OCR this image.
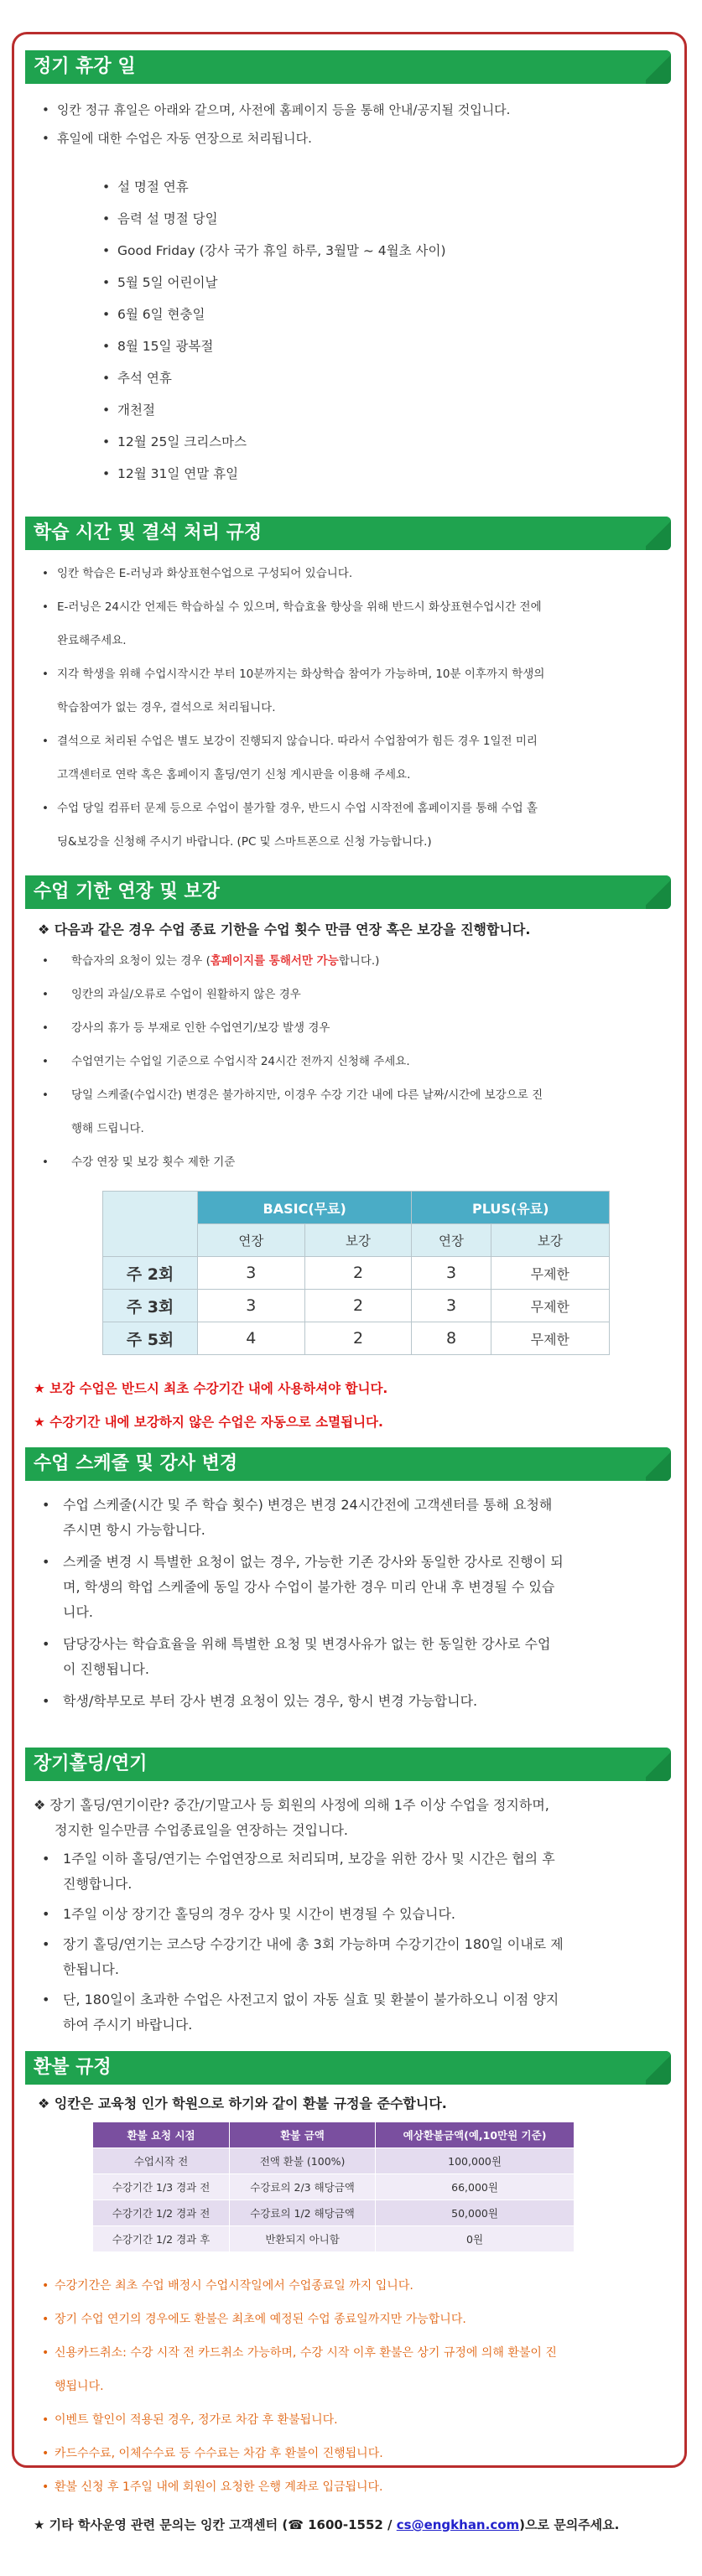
정기 휴강 일
• 잉칸 정규 휴일은 아래와 같으며, 사전에 홈페이지 등을 통해 안내/공지될 것입니다.
• 휴일에 대한 수업은 자동 연장으로 처리됩니다.
• 설 명절 연휴
• 음력 설 명절 당일
• Good Friday (강사 국가 휴일 하루, 3월말 ~ 4월초 사이)
• 5월 5일 어린이날
• 6월 6일 현충일
• 8월 15일 광복절
• 추석 연휴
• 개천절
• 12월 25일 크리스마스
• 12월 31일 연말 휴일
학습 시간 및 결석 처리 규정
• 잉칸 학습은 E-러닝과 화상표현수업으로 구성되어 있습니다.
• E-러닝은 24시간 언제든 학습하실 수 있으며, 학습효율 향상을 위해 반드시 화상표현수업시간 전에
완료해주세요.
• 지각 학생을 위해 수업시작시간 부터 10분까지는 화상학습 참여가 가능하며, 10분 이후까지 학생의
학습참여가 없는 경우, 결석으로 처리됩니다.
• 결석으로 처리된 수업은 별도 보강이 진행되지 않습니다. 따라서 수업참여가 힘든 경우 1일전 미리
고객센터로 연락 혹은 홈페이지 홀딩/연기 신청 게시판을 이용해 주세요.
• 수업 당일 컴퓨터 문제 등으로 수업이 불가할 경우, 반드시 수업 시작전에 홈페이지를 통해 수업 홀
딩&보강을 신청해 주시기 바랍니다. (PC 및 스마트폰으로 신청 가능합니다.)
수업 기한 연장 및 보강
❖ 다음과 같은 경우 수업 종료 기한을 수업 횟수 만큼 연장 혹은 보강을 진행합니다.
• 학습자의 요청이 있는 경우 (홈페이지를 통해서만 가능합니다.)
• 잉칸의 과실/오류로 수업이 원활하지 않은 경우
• 강사의 휴가 등 부재로 인한 수업연기/보강 발생 경우
• 수업연기는 수업일 기준으로 수업시작 24시간 전까지 신청해 주세요.
• 당일 스케줄(수업시간) 변경은 불가하지만, 이경우 수강 기간 내에 다른 날짜/시간에 보강으로 진
행해 드립니다.
• 수강 연장 및 보강 횟수 제한 기준
	BASIC(무료)		PLUS(유료)	
	연장	보강	연장	보강
주 2회	3	2	3	무제한
주 3회	3	2	3	무제한
주 5회	4	2	8	무제한
★ 보강 수업은 반드시 최초 수강기간 내에 사용하셔야 합니다.
★ 수강기간 내에 보강하지 않은 수업은 자동으로 소멸됩니다.
수업 스케줄 및 강사 변경
• 수업 스케줄(시간 및 주 학습 횟수) 변경은 변경 24시간전에 고객센터를 통해 요청해
주시면 항시 가능합니다.
• 스케줄 변경 시 특별한 요청이 없는 경우, 가능한 기존 강사와 동일한 강사로 진행이 되
며, 학생의 학업 스케줄에 동일 강사 수업이 불가한 경우 미리 안내 후 변경될 수 있습
니다.
• 담당강사는 학습효율을 위해 특별한 요청 및 변경사유가 없는 한 동일한 강사로 수업
이 진행됩니다.
• 학생/학부모로 부터 강사 변경 요청이 있는 경우, 항시 변경 가능합니다.
장기홀딩/연기
❖ 장기 홀딩/연기이란? 중간/기말고사 등 회원의 사정에 의해 1주 이상 수업을 정지하며,
정지한 일수만큼 수업종료일을 연장하는 것입니다.
• 1주일 이하 홀딩/연기는 수업연장으로 처리되며, 보강을 위한 강사 및 시간은 협의 후
진행합니다.
• 1주일 이상 장기간 홀딩의 경우 강사 및 시간이 변경될 수 있습니다.
• 장기 홀딩/연기는 코스당 수강기간 내에 총 3회 가능하며 수강기간이 180일 이내로 제
한됩니다.
• 단, 180일이 초과한 수업은 사전고지 없이 자동 실효 및 환불이 불가하오니 이점 양지
하여 주시기 바랍니다.
환불 규정
❖ 잉칸은 교육청 인가 학원으로 하기와 같이 환불 규정을 준수합니다.
환불 요청 시점	환불 금액	예상환불금액(예,10만원 기준)
수업시작 전	전액 환불 (100%)	100,000원
수강기간 1/3 경과 전	수강료의 2/3 해당금액	66,000원
수강기간 1/2 경과 전	수강료의 1/2 해당금액	50,000원
수강기간 1/2 경과 후	반환되지 아니함	0원
• 수강기간은 최초 수업 배정시 수업시작일에서 수업종료일 까지 입니다.
• 장기 수업 연기의 경우에도 환불은 최초에 예정된 수업 종료일까지만 가능합니다.
• 신용카드취소: 수강 시작 전 카드취소 가능하며, 수강 시작 이후 환불은 상기 규정에 의해 환불이 진
행됩니다.
• 이벤트 할인이 적용된 경우, 정가로 차감 후 환불됩니다.
• 카드수수료, 이체수수료 등 수수료는 차감 후 환불이 진행됩니다.
• 환불 신청 후 1주일 내에 회원이 요청한 은행 계좌로 입금됩니다.
★ 기타 학사운영 관련 문의는 잉칸 고객센터 (☎ 1600-1552 / cs@engkhan.com)으로 문의주세요.
